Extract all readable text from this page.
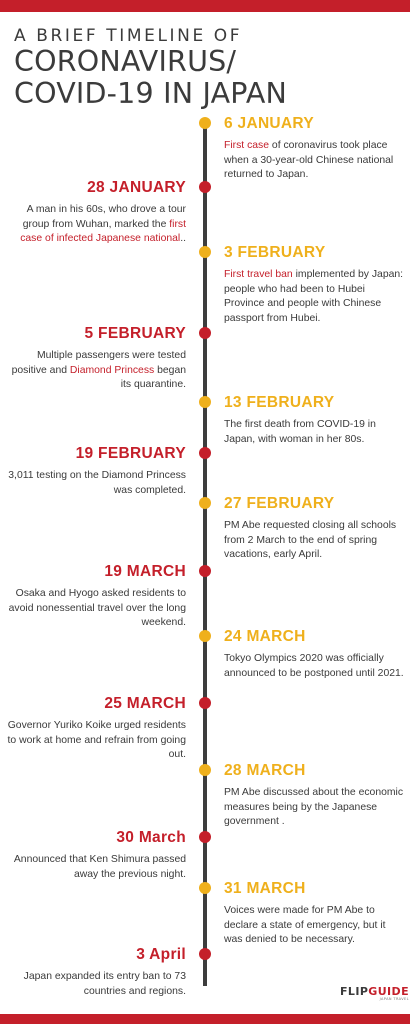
A BRIEF TIMELINE OF
CORONAVIRUS/
COVID-19 IN JAPAN
6 JANUARY
First case of coronavirus took place when a 30-year-old Chinese national returned to Japan.
28 JANUARY
A man in his 60s, who drove a tour group from Wuhan, marked the first case of infected Japanese national..
3 FEBRUARY
First travel ban implemented by Japan: people who had been to Hubei Province and people with Chinese passport from Hubei.
5 FEBRUARY
Multiple passengers were tested positive and Diamond Princess began its quarantine.
13 FEBRUARY
The first death from COVID-19 in Japan, with woman in her 80s.
19 FEBRUARY
3,011 testing on the Diamond Princess was completed.
27 FEBRUARY
PM Abe requested closing all schools from 2 March to the end of spring vacations, early April.
19 MARCH
Osaka and Hyogo asked residents to avoid nonessential travel over the long weekend.
24 MARCH
Tokyo Olympics 2020 was officially announced to be postponed until 2021.
25 MARCH
Governor Yuriko Koike urged residents to work at home and refrain from going out.
28 MARCH
PM Abe discussed about the economic measures being by the Japanese government .
30 March
Announced that Ken Shimura passed away the previous night.
31 MARCH
Voices were made for PM Abe to declare a state of emergency, but it was denied to be necessary.
3 April
Japan expanded its entry ban to 73 countries and regions.	FLIPGUIDE
JAPAN TRAVEL
